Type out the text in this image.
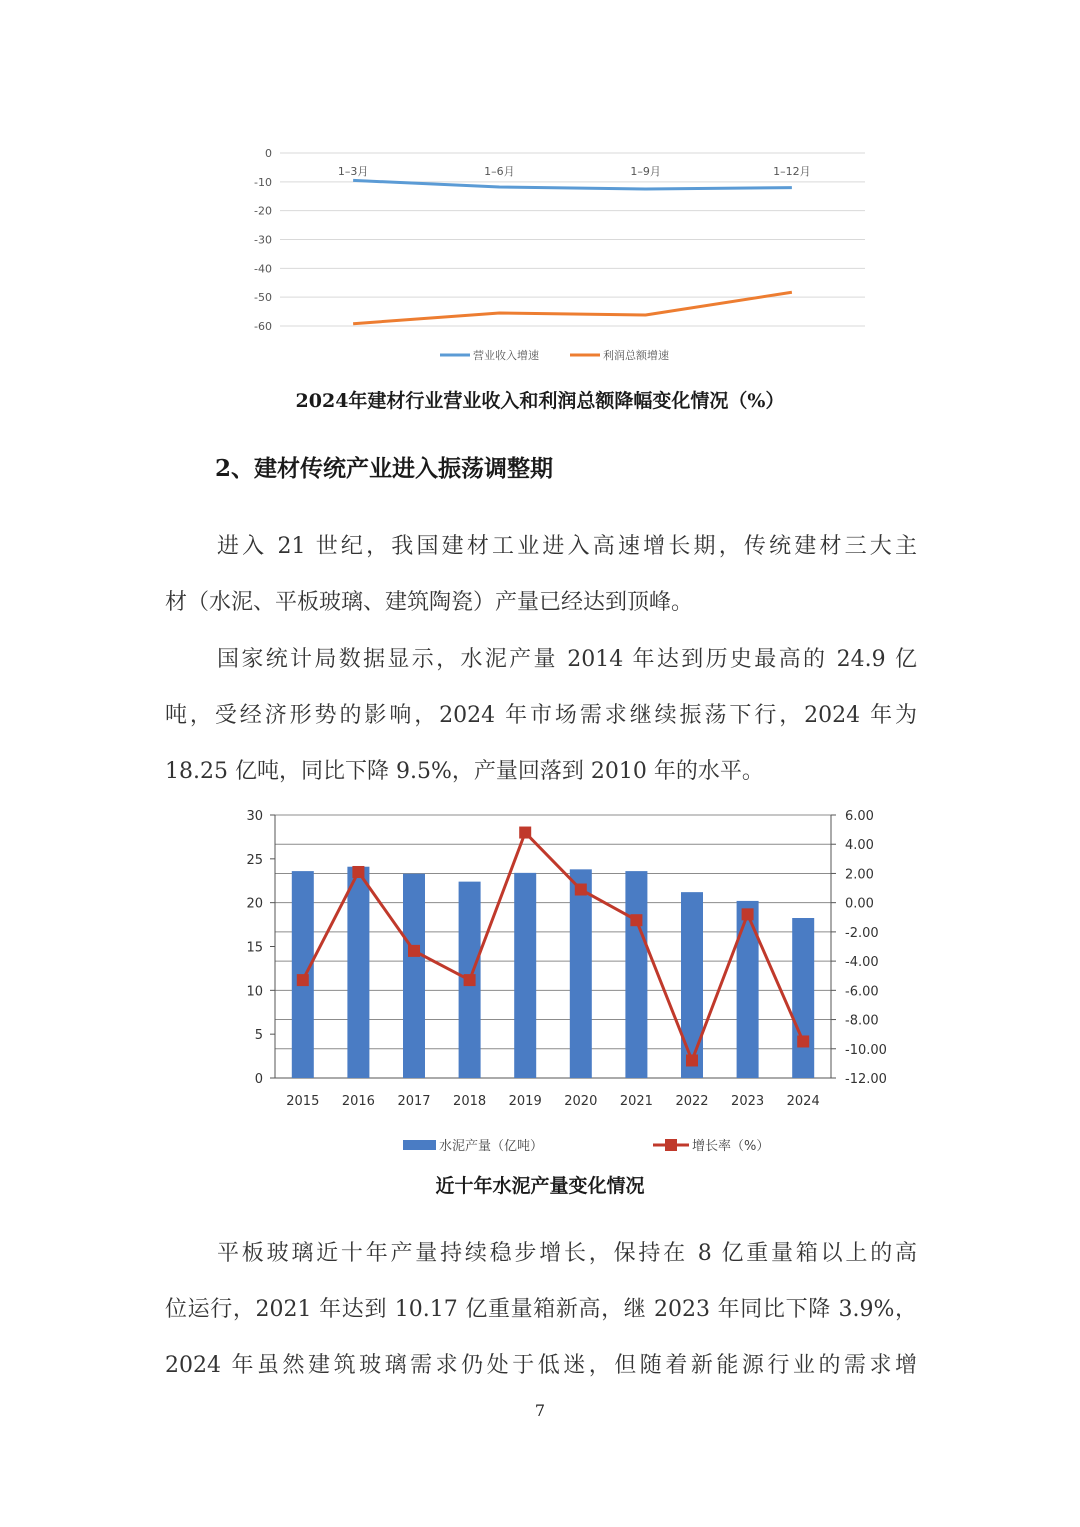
0
-10
-20
-30
-40
-50
-60
1–3月	1–6月	1–9月	1–12月
营业收入增速	利润总额增速
2024年建材行业营业收入和利润总额降幅变化情况（%）
2、建材传统产业进入振荡调整期
进入 21 世纪，我国建材工业进入高速增长期，传统建材三大主
材（水泥、平板玻璃、建筑陶瓷）产量已经达到顶峰。
国家统计局数据显示，水泥产量 2014 年达到历史最高的 24.9 亿
吨，受经济形势的影响，2024 年市场需求继续振荡下行，2024 年为
18.25 亿吨，同比下降 9.5%，产量回落到 2010 年的水平。
6.00
4.00
2.00
0.00
-2.00
-4.00
-6.00
-8.00
-10.00
-12.00
30
25
20
15
10
5
0
2015 2016 2017 2018 2019 2020 2021 2022 2023 2024
水泥产量（亿吨）	增长率（%）
近十年水泥产量变化情况
平板玻璃近十年产量持续稳步增长，保持在 8 亿重量箱以上的高
位运行，2021 年达到 10.17 亿重量箱新高，继 2023 年同比下降 3.9%，
2024 年虽然建筑玻璃需求仍处于低迷，但随着新能源行业的需求增
7
